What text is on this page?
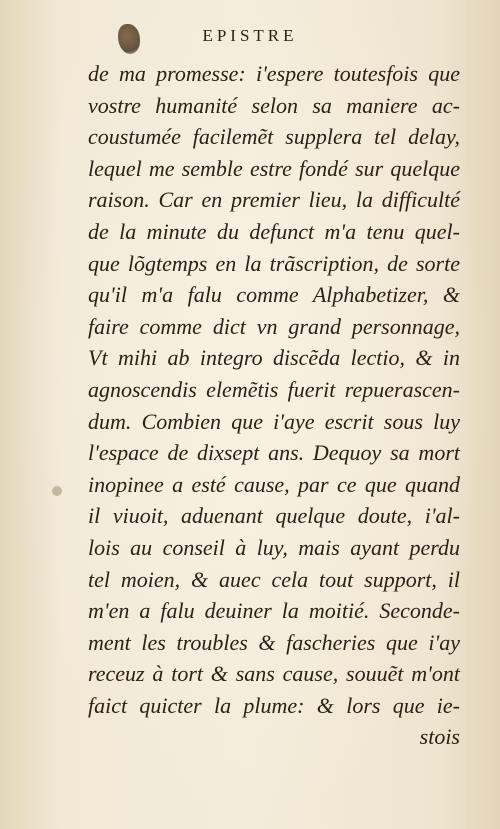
EPISTRE
de ma promesse: i'espere toutesfois que
vostre humanité selon sa maniere ac-
coustumée facilemẽt supplera tel delay,
lequel me semble estre fondé sur quelque
raison. Car en premier lieu, la difficulté
de la minute du defunct m'a tenu quel-
que lõgtemps en la trãscription, de sorte
qu'il m'a falu comme Alphabetizer, &
faire comme dict vn grand personnage,
Vt mihi ab integro discẽda lectio, & in
agnoscendis elemẽtis fuerit repuerascen-
dum. Combien que i'aye escrit sous luy
l'espace de dixsept ans. Dequoy sa mort
inopinee a esté cause, par ce que quand
il viuoit, aduenant quelque doute, i'al-
lois au conseil à luy, mais ayant perdu
tel moien, & auec cela tout support, il
m'en a falu deuiner la moitié. Seconde-
ment les troubles & fascheries que i'ay
receuz à tort & sans cause, souuẽt m'ont
faict quicter la plume: & lors que ie-
stois
